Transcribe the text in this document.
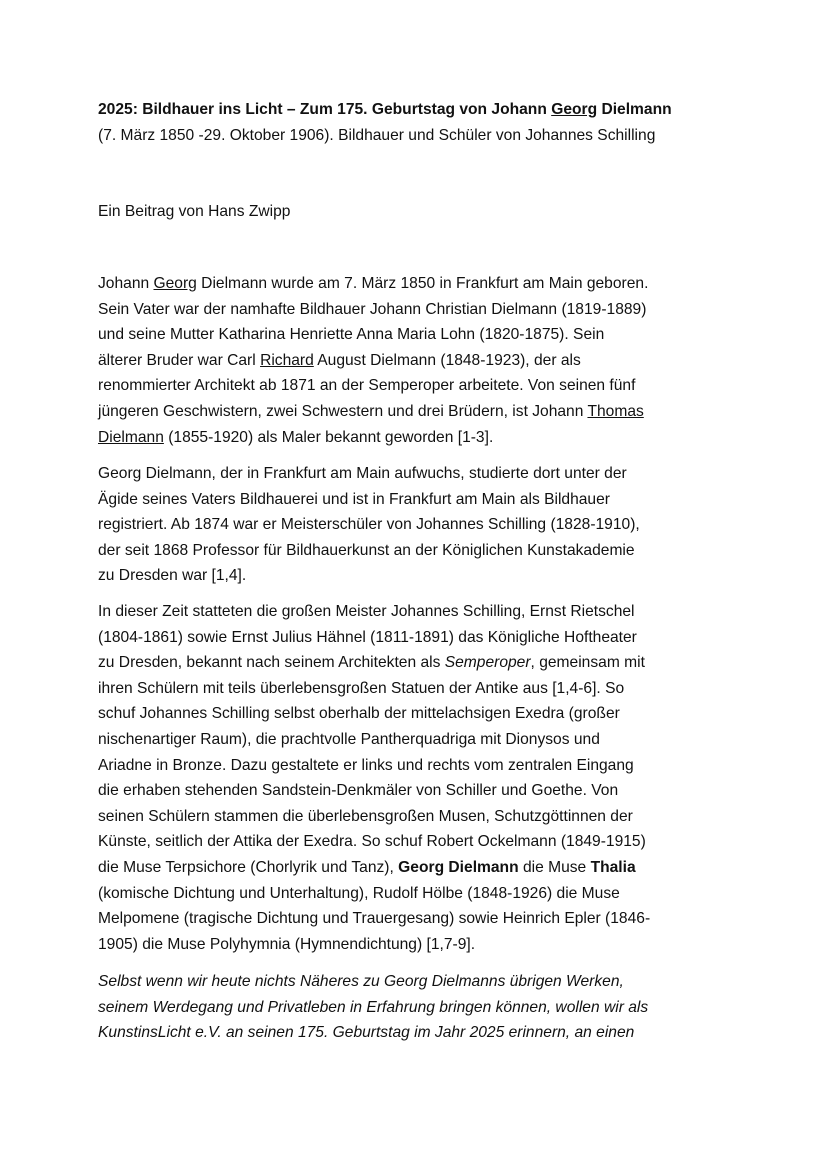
2025: Bildhauer ins Licht – Zum 175. Geburtstag von Johann Georg Dielmann
(7. März 1850 -29. Oktober 1906). Bildhauer und Schüler von Johannes Schilling
Ein Beitrag von Hans Zwipp
Johann Georg Dielmann wurde am 7. März 1850 in Frankfurt am Main geboren.
Sein Vater war der namhafte Bildhauer Johann Christian Dielmann (1819-1889)
und seine Mutter Katharina Henriette Anna Maria Lohn (1820-1875). Sein
älterer Bruder war Carl Richard August Dielmann (1848-1923), der als
renommierter Architekt ab 1871 an der Semperoper arbeitete. Von seinen fünf
jüngeren Geschwistern, zwei Schwestern und drei Brüdern, ist Johann Thomas
Dielmann (1855-1920) als Maler bekannt geworden [1-3].
Georg Dielmann, der in Frankfurt am Main aufwuchs, studierte dort unter der
Ägide seines Vaters Bildhauerei und ist in Frankfurt am Main als Bildhauer
registriert. Ab 1874 war er Meisterschüler von Johannes Schilling (1828-1910),
der seit 1868 Professor für Bildhauerkunst an der Königlichen Kunstakademie
zu Dresden war [1,4].
In dieser Zeit statteten die großen Meister Johannes Schilling, Ernst Rietschel
(1804-1861) sowie Ernst Julius Hähnel (1811-1891) das Königliche Hoftheater
zu Dresden, bekannt nach seinem Architekten als Semperoper, gemeinsam mit
ihren Schülern mit teils überlebensgroßen Statuen der Antike aus [1,4-6]. So
schuf Johannes Schilling selbst oberhalb der mittelachsigen Exedra (großer
nischenartiger Raum), die prachtvolle Pantherquadriga mit Dionysos und
Ariadne in Bronze. Dazu gestaltete er links und rechts vom zentralen Eingang
die erhaben stehenden Sandstein-Denkmäler von Schiller und Goethe. Von
seinen Schülern stammen die überlebensgroßen Musen, Schutzgöttinnen der
Künste, seitlich der Attika der Exedra. So schuf Robert Ockelmann (1849-1915)
die Muse Terpsichore (Chorlyrik und Tanz), Georg Dielmann die Muse Thalia
(komische Dichtung und Unterhaltung), Rudolf Hölbe (1848-1926) die Muse
Melpomene (tragische Dichtung und Trauergesang) sowie Heinrich Epler (1846-
1905) die Muse Polyhymnia (Hymnendichtung) [1,7-9].
Selbst wenn wir heute nichts Näheres zu Georg Dielmanns übrigen Werken,
seinem Werdegang und Privatleben in Erfahrung bringen können, wollen wir als
KunstinsLicht e.V. an seinen 175. Geburtstag im Jahr 2025 erinnern, an einen
